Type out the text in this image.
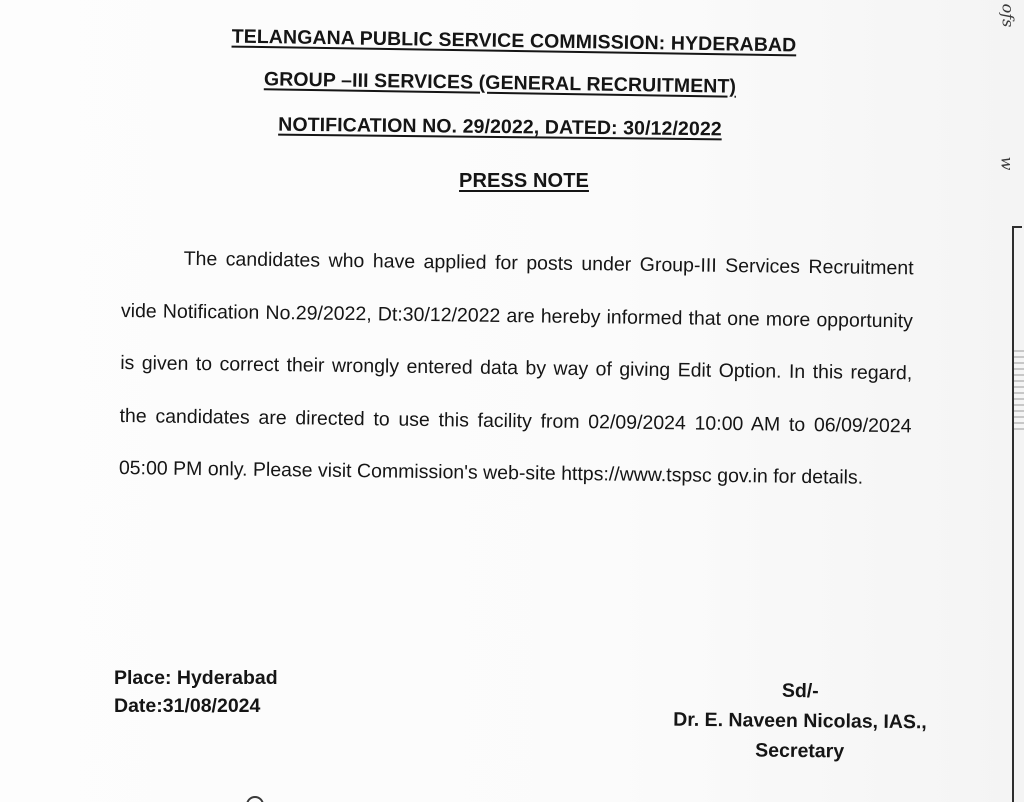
TELANGANA PUBLIC SERVICE COMMISSION: HYDERABAD
GROUP –III SERVICES (GENERAL RECRUITMENT)
NOTIFICATION NO. 29/2022, DATED: 30/12/2022
PRESS NOTE

The candidates who have applied for posts under Group-III Services Recruitment vide Notification No.29/2022, Dt:30/12/2022 are hereby informed that one more opportunity is given to correct their wrongly entered data by way of giving Edit Option. In this regard, the candidates are directed to use this facility from 02/09/2024 10:00 AM to 06/09/2024 05:00 PM only. Please visit Commission's web-site https://www.tspsc gov.in for details.

Place: Hyderabad
Date:31/08/2024
Sd/-
Dr. E. Naveen Nicolas, IAS.,
Secretary
ofs
w
